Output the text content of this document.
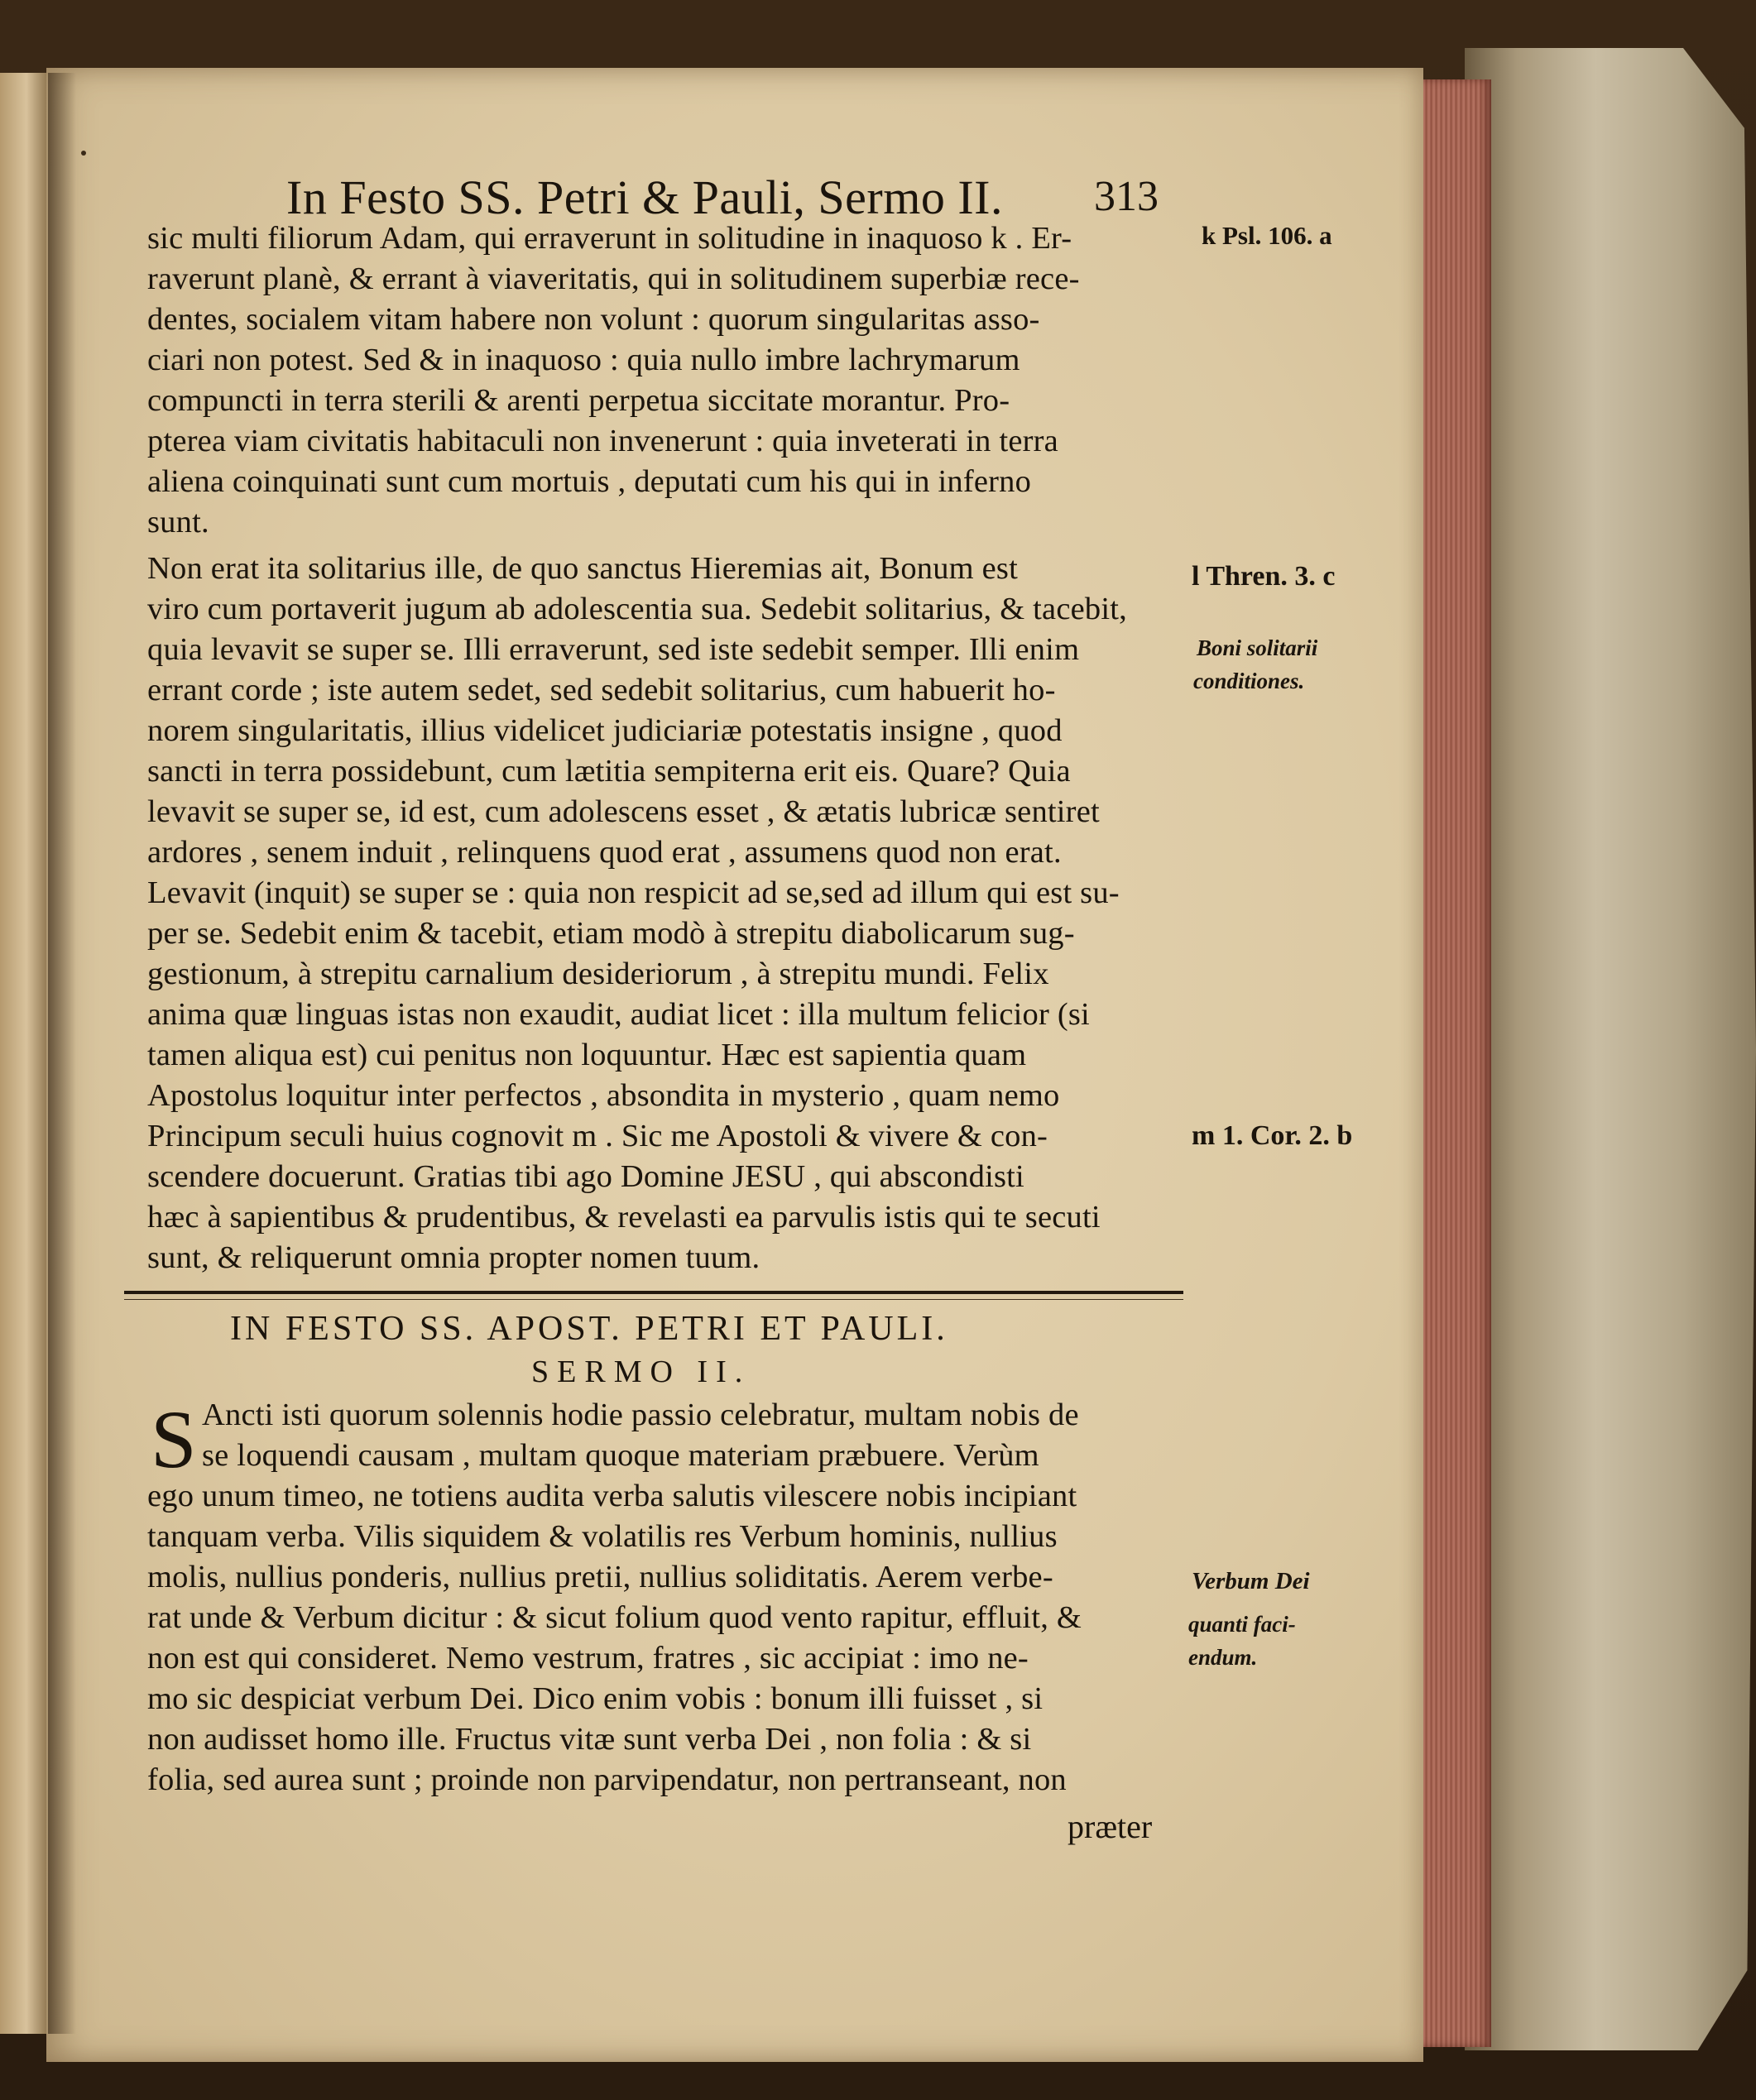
In Festo SS. Petri & Pauli, Sermo II. 313
sic multi filiorum Adam, qui erraverunt in solitudine in inaquoso k . Er-
raverunt planè, & errant à viaveritatis, qui in solitudinem superbiæ rece-
dentes, socialem vitam habere non volunt : quorum singularitas asso-
ciari non potest. Sed & in inaquoso : quia nullo imbre lachrymarum
compuncti in terra sterili & arenti perpetua siccitate morantur. Pro-
pterea viam civitatis habitaculi non invenerunt : quia inveterati in terra
aliena coinquinati sunt cum mortuis , deputati cum his qui in inferno
sunt.
Non erat ita solitarius ille, de quo sanctus Hieremias ait, Bonum est
viro cum portaverit jugum ab adolescentia sua. Sedebit solitarius, & tacebit,
quia levavit se super se. Illi erraverunt, sed iste sedebit semper. Illi enim
errant corde ; iste autem sedet, sed sedebit solitarius, cum habuerit ho-
norem singularitatis, illius videlicet judiciariæ potestatis insigne , quod
sancti in terra possidebunt, cum lætitia sempiterna erit eis. Quare? Quia
levavit se super se, id est, cum adolescens esset , & ætatis lubricæ sentiret
ardores , senem induit , relinquens quod erat , assumens quod non erat.
Levavit (inquit) se super se : quia non respicit ad se,sed ad illum qui est su-
per se. Sedebit enim & tacebit, etiam modò à strepitu diabolicarum sug-
gestionum, à strepitu carnalium desideriorum , à strepitu mundi. Felix
anima quæ linguas istas non exaudit, audiat licet : illa multum felicior (si
tamen aliqua est) cui penitus non loquuntur. Hæc est sapientia quam
Apostolus loquitur inter perfectos , absondita in mysterio , quam nemo
Principum seculi huius cognovit m . Sic me Apostoli & vivere & con-
scendere docuerunt. Gratias tibi ago Domine JESU , qui abscondisti
hæc à sapientibus & prudentibus, & revelasti ea parvulis istis qui te secuti
sunt, & reliquerunt omnia propter nomen tuum.
k Psl. 106. a
l Thren. 3. c
Boni solitarii
conditiones.
m 1. Cor. 2. b
Verbum Dei
quanti faci-
endum.
IN FESTO SS. APOST. PETRI ET PAULI.
SERMO II.
S Ancti isti quorum solennis hodie passio celebratur, multam nobis de
se loquendi causam , multam quoque materiam præbuere. Verùm
ego unum timeo, ne totiens audita verba salutis vilescere nobis incipiant
tanquam verba. Vilis siquidem & volatilis res Verbum hominis, nullius
molis, nullius ponderis, nullius pretii, nullius soliditatis. Aerem verbe-
rat unde & Verbum dicitur : & sicut folium quod vento rapitur, effluit, &
non est qui consideret. Nemo vestrum, fratres , sic accipiat : imo ne-
mo sic despiciat verbum Dei. Dico enim vobis : bonum illi fuisset , si
non audisset homo ille. Fructus vitæ sunt verba Dei , non folia : & si
folia, sed aurea sunt ; proinde non parvipendatur, non pertranseant, non
præter
